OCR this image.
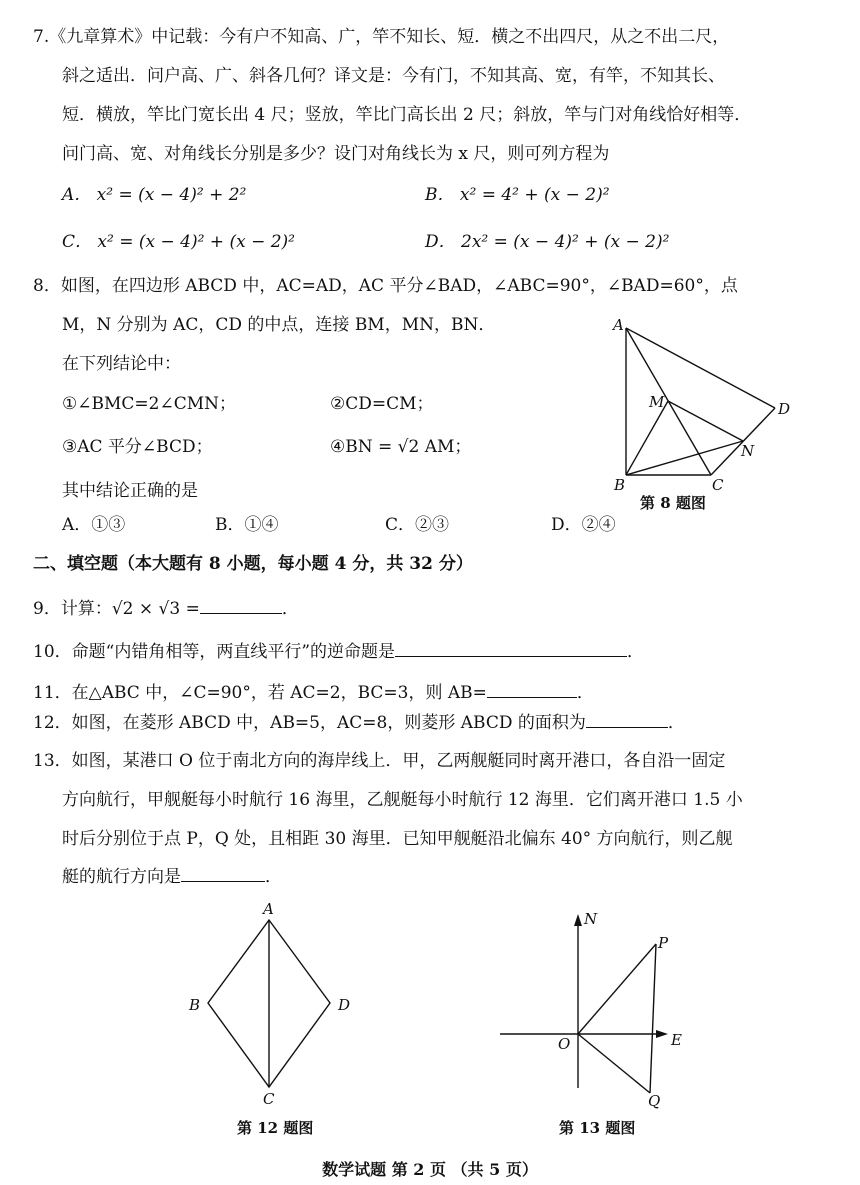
7.《九章算术》中记载：今有户不知高、广，竿不知长、短．横之不出四尺，从之不出二尺，
斜之适出．问户高、广、斜各几何？译文是：今有门，不知其高、宽，有竿，不知其长、
短．横放，竿比门宽长出 4 尺；竖放，竿比门高长出 2 尺；斜放，竿与门对角线恰好相等．
问门高、宽、对角线长分别是多少？设门对角线长为 x 尺，则可列方程为
A． x² = (x − 4)² + 2²	B． x² = 4² + (x − 2)²
C． x² = (x − 4)² + (x − 2)²	D． 2x² = (x − 4)² + (x − 2)²
8．如图，在四边形 ABCD 中，AC=AD，AC 平分∠BAD，∠ABC=90°，∠BAD=60°，点
M，N 分别为 AC，CD 的中点，连接 BM，MN，BN．
在下列结论中：
①∠BMC=2∠CMN；	②CD=CM；
③AC 平分∠BCD；	④BN = √2 AM；
其中结论正确的是
A．①③	B．①④	C．②③	D．②④
A
M	D
N
B	C
第 8 题图
二、填空题（本大题有 8 小题，每小题 4 分，共 32 分）
9．计算：√2 × √3 =	．
10．命题“内错角相等，两直线平行”的逆命题是	．
11．在△ABC 中，∠C=90°，若 AC=2，BC=3，则 AB=	．
12．如图，在菱形 ABCD 中，AB=5，AC=8，则菱形 ABCD 的面积为	．
13．如图，某港口 O 位于南北方向的海岸线上．甲，乙两舰艇同时离开港口，各自沿一固定
方向航行，甲舰艇每小时航行 16 海里，乙舰艇每小时航行 12 海里．它们离开港口 1.5 小
时后分别位于点 P，Q 处，且相距 30 海里．已知甲舰艇沿北偏东 40° 方向航行，则乙舰
艇的航行方向是	．
A
B	D
C
第 12 题图
N
P
O	E
Q
第 13 题图
数学试题 第 2 页 （共 5 页）
